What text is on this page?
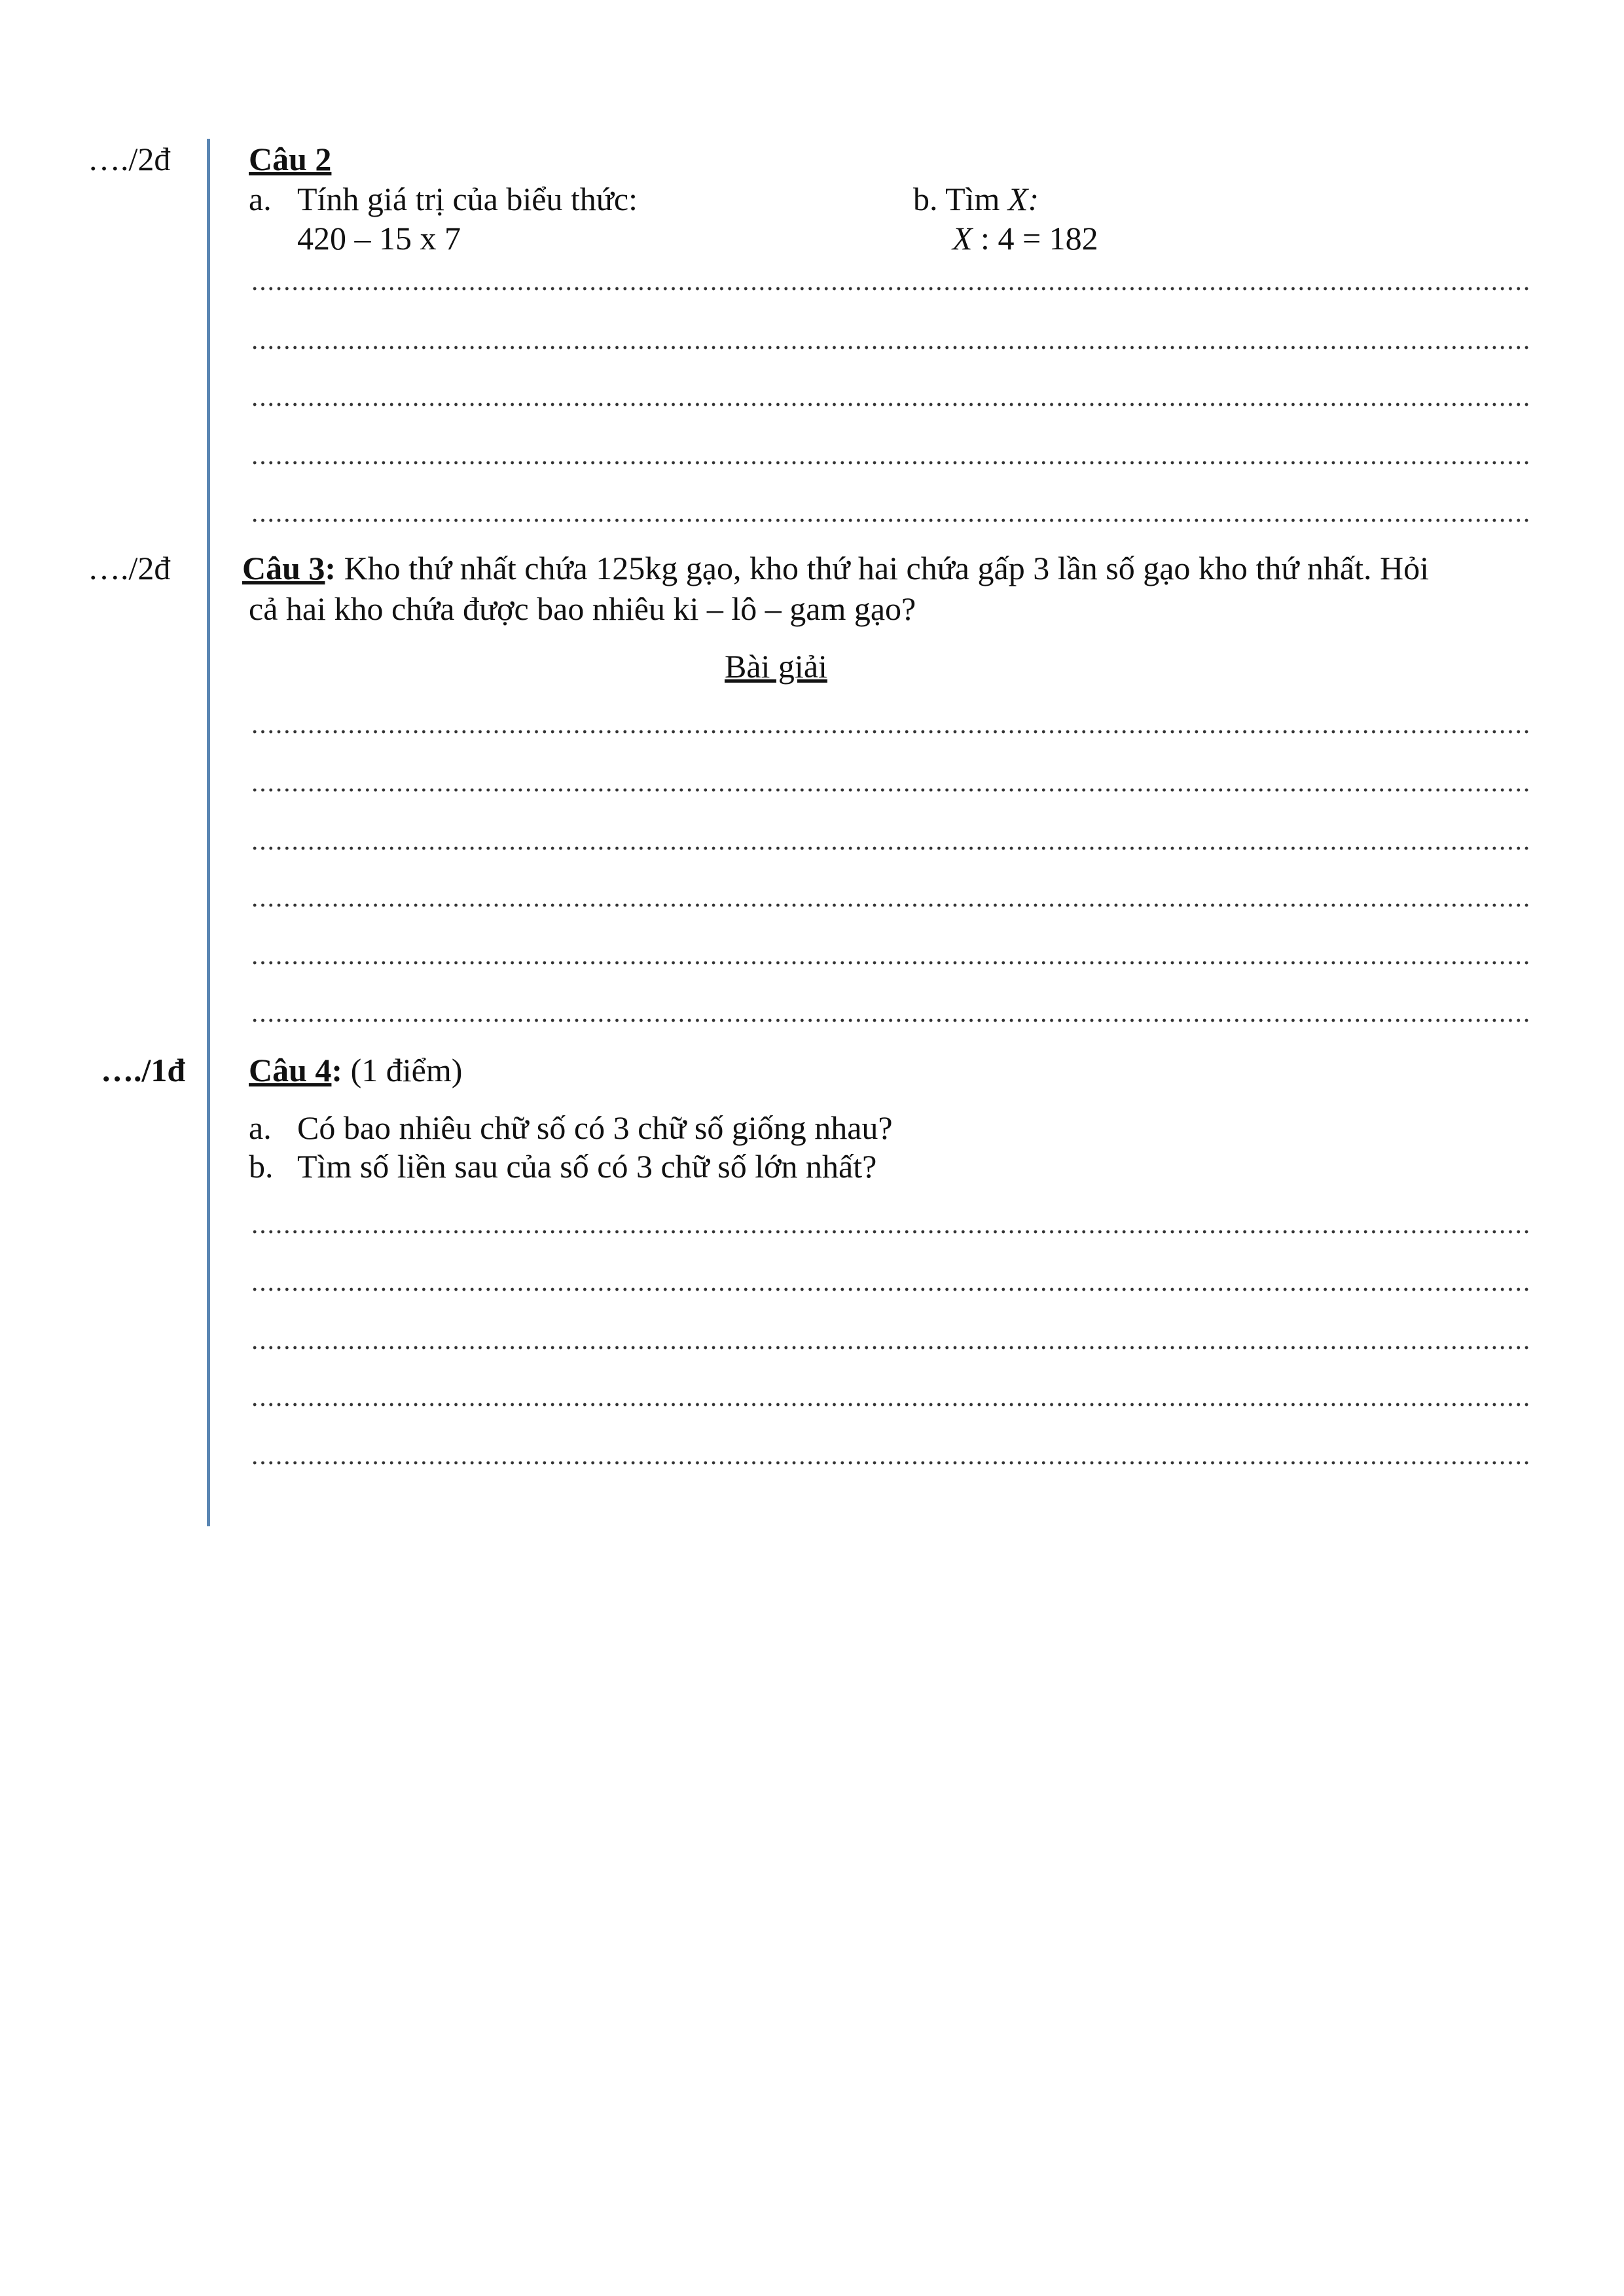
…./2đ Câu 2
a. Tính giá trị của biểu thức:
420 – 15 x 7
b. Tìm X:
X : 4 = 182
…./2đ Câu 3: Kho thứ nhất chứa 125kg gạo, kho thứ hai chứa gấp 3 lần số gạo kho thứ nhất. Hỏi
cả hai kho chứa được bao nhiêu ki – lô – gam gạo?
Bài giải
…./1đ Câu 4: (1 điểm)
a. Có bao nhiêu chữ số có 3 chữ số giống nhau?
b. Tìm số liền sau của số có 3 chữ số lớn nhất?
